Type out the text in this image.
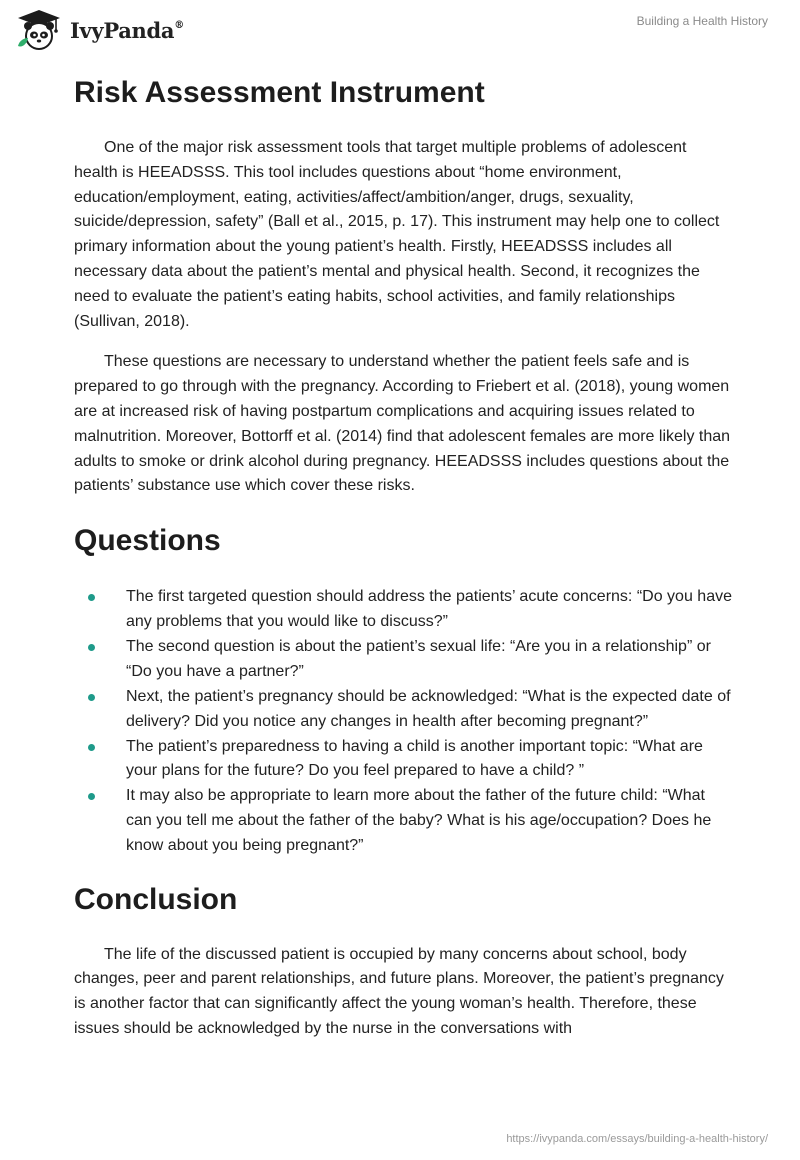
IvyPanda®	Building a Health History
Risk Assessment Instrument

One of the major risk assessment tools that target multiple problems of adolescent health is HEEADSSS. This tool includes questions about “home environment, education/employment, eating, activities/affect/ambition/anger, drugs, sexuality, suicide/depression, safety” (Ball et al., 2015, p. 17). This instrument may help one to collect primary information about the young patient’s health. Firstly, HEEADSSS includes all necessary data about the patient’s mental and physical health. Second, it recognizes the need to evaluate the patient’s eating habits, school activities, and family relationships (Sullivan, 2018).

These questions are necessary to understand whether the patient feels safe and is prepared to go through with the pregnancy. According to Friebert et al. (2018), young women are at increased risk of having postpartum complications and acquiring issues related to malnutrition. Moreover, Bottorff et al. (2014) find that adolescent females are more likely than adults to smoke or drink alcohol during pregnancy. HEEADSSS includes questions about the patients’ substance use which cover these risks.

Questions
The first targeted question should address the patients’ acute concerns: “Do you have any problems that you would like to discuss?”
The second question is about the patient’s sexual life: “Are you in a relationship” or “Do you have a partner?”
Next, the patient’s pregnancy should be acknowledged: “What is the expected date of delivery? Did you notice any changes in health after becoming pregnant?”
The patient’s preparedness to having a child is another important topic: “What are your plans for the future? Do you feel prepared to have a child? ”
It may also be appropriate to learn more about the father of the future child: “What can you tell me about the father of the baby? What is his age/occupation? Does he know about you being pregnant?”
Conclusion

The life of the discussed patient is occupied by many concerns about school, body changes, peer and parent relationships, and future plans. Moreover, the patient’s pregnancy is another factor that can significantly affect the young woman’s health. Therefore, these issues should be acknowledged by the nurse in the conversations with

https://ivypanda.com/essays/building-a-health-history/
